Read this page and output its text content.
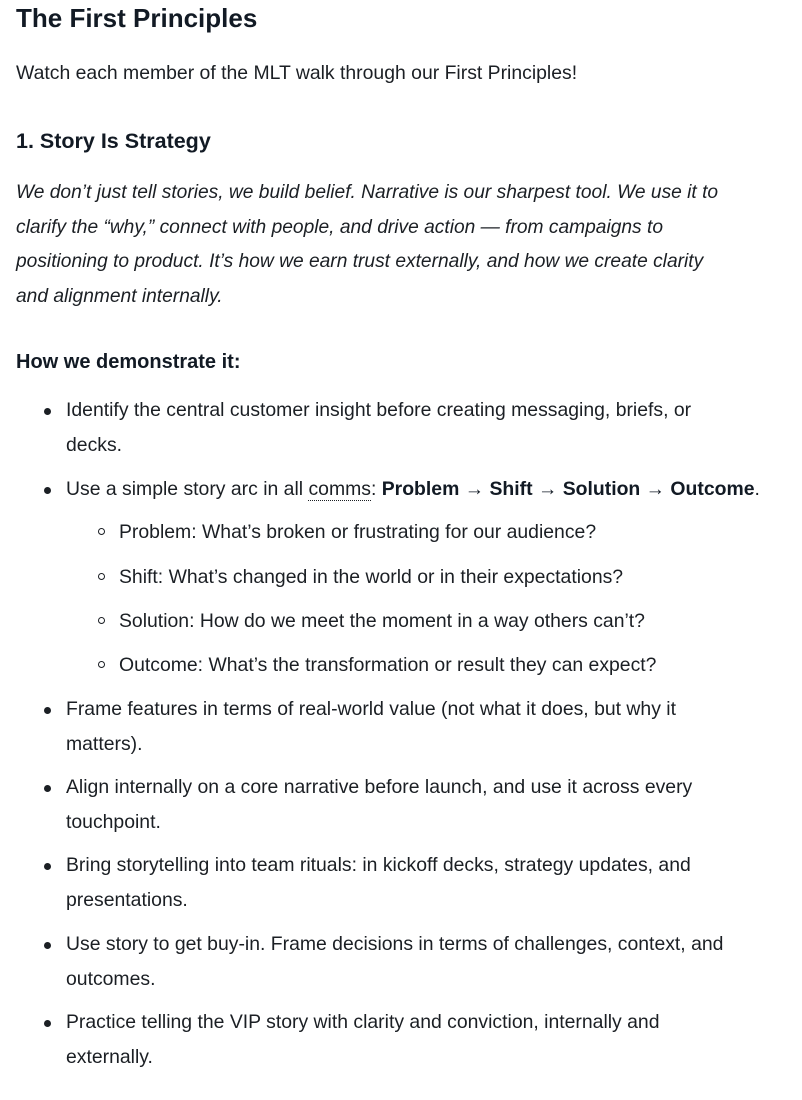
The First Principles

Watch each member of the MLT walk through our First Principles!

1. Story Is Strategy
We don’t just tell stories, we build belief. Narrative is our sharpest tool. We use it to
clarify the “why,” connect with people, and drive action — from campaigns to
positioning to product. It’s how we earn trust externally, and how we create clarity
and alignment internally.
How we demonstrate it:
Identify the central customer insight before creating messaging, briefs, or
decks.
Use a simple story arc in all comms: Problem → Shift → Solution → Outcome.
Problem: What’s broken or frustrating for our audience?
Shift: What’s changed in the world or in their expectations?
Solution: How do we meet the moment in a way others can’t?
Outcome: What’s the transformation or result they can expect?
Frame features in terms of real-world value (not what it does, but why it
matters).
Align internally on a core narrative before launch, and use it across every
touchpoint.
Bring storytelling into team rituals: in kickoff decks, strategy updates, and
presentations.
Use story to get buy-in. Frame decisions in terms of challenges, context, and
outcomes.
Practice telling the VIP story with clarity and conviction, internally and
externally.
